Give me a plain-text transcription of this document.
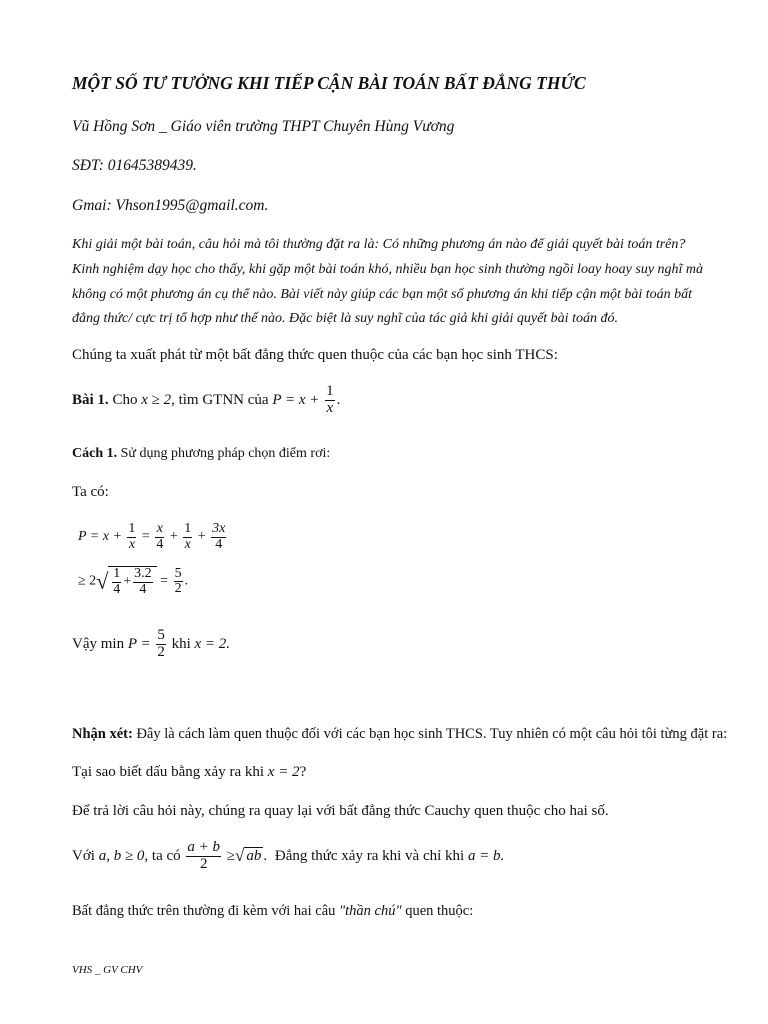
MỘT SỐ TƯ TƯỞNG KHI TIẾP CẬN BÀI TOÁN BẤT ĐẲNG THỨC
Vũ Hồng Sơn _ Giáo viên trường THPT Chuyên Hùng Vương
SĐT: 01645389439.
Gmai: Vhson1995@gmail.com.
Khi giải một bài toán, câu hỏi mà tôi thường đặt ra là: Có những phương án nào để giải quyết bài toán trên?
Kinh nghiệm dạy học cho thấy, khi gặp một bài toán khó, nhiều bạn học sinh thường ngồi loay hoay suy nghĩ mà
không có một phương án cụ thể nào. Bài viết này giúp các bạn một số phương án khi tiếp cận một bài toán bất
đẳng thức/ cực trị tổ hợp như thế nào. Đặc biệt là suy nghĩ của tác giả khi giải quyết bài toán đó.
Chúng ta xuất phát từ một bất đẳng thức quen thuộc của các bạn học sinh THCS:
Bài 1. Cho x ≥ 2, tìm GTNN của $P = x + \frac{1}{x}$ .
Cách 1. Sử dụng phương pháp chọn điểm rơi:
Ta có:
$P = x + \frac{1}{x} = \frac{x}{4} + \frac{1}{x} + \frac{3x}{4}$
≥ $2√ \frac{1}{4} + \frac{3.2}{4} = \frac{5}{2}$ .
Vậy $\min P = \frac{5}{2}$ khi x = 2.
Nhận xét: Đây là cách làm quen thuộc đối với các bạn học sinh THCS. Tuy nhiên có một câu hỏi tôi từng đặt ra:
Tại sao biết dấu bằng xảy ra khi x = 2?
Để trả lời câu hỏi này, chúng ra quay lại với bất đẳng thức Cauchy quen thuộc cho hai số.
Với a, b ≥ 0, ta có $\frac{a + b}{2}$ ≥√ ab . Đẳng thức xảy ra khi và chỉ khi a = b.
Bất đẳng thức trên thường đi kèm với hai câu "thần chú" quen thuộc:
VHS _ GV CHV
